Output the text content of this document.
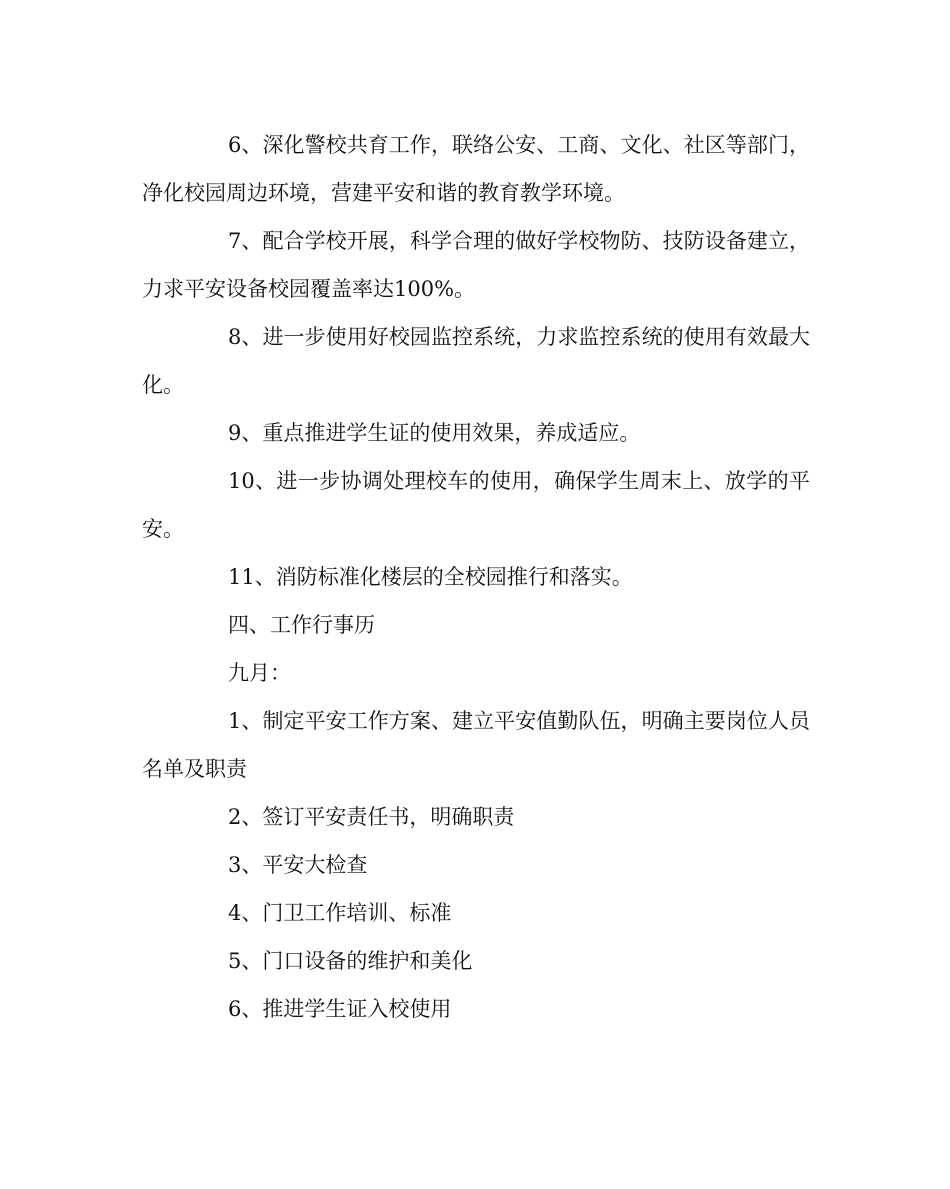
6、深化警校共育工作，联络公安、工商、文化、社区等部门，净化校园周边环境，营建平安和谐的教育教学环境。

7、配合学校开展，科学合理的做好学校物防、技防设备建立，力求平安设备校园覆盖率达100%。

8、进一步使用好校园监控系统，力求监控系统的使用有效最大化。

9、重点推进学生证的使用效果，养成适应。

10、进一步协调处理校车的使用，确保学生周末上、放学的平安。

11、消防标准化楼层的全校园推行和落实。

四、工作行事历

九月：

1、制定平安工作方案、建立平安值勤队伍，明确主要岗位人员名单及职责

2、签订平安责任书，明确职责

3、平安大检查

4、门卫工作培训、标准

5、门口设备的维护和美化

6、推进学生证入校使用
